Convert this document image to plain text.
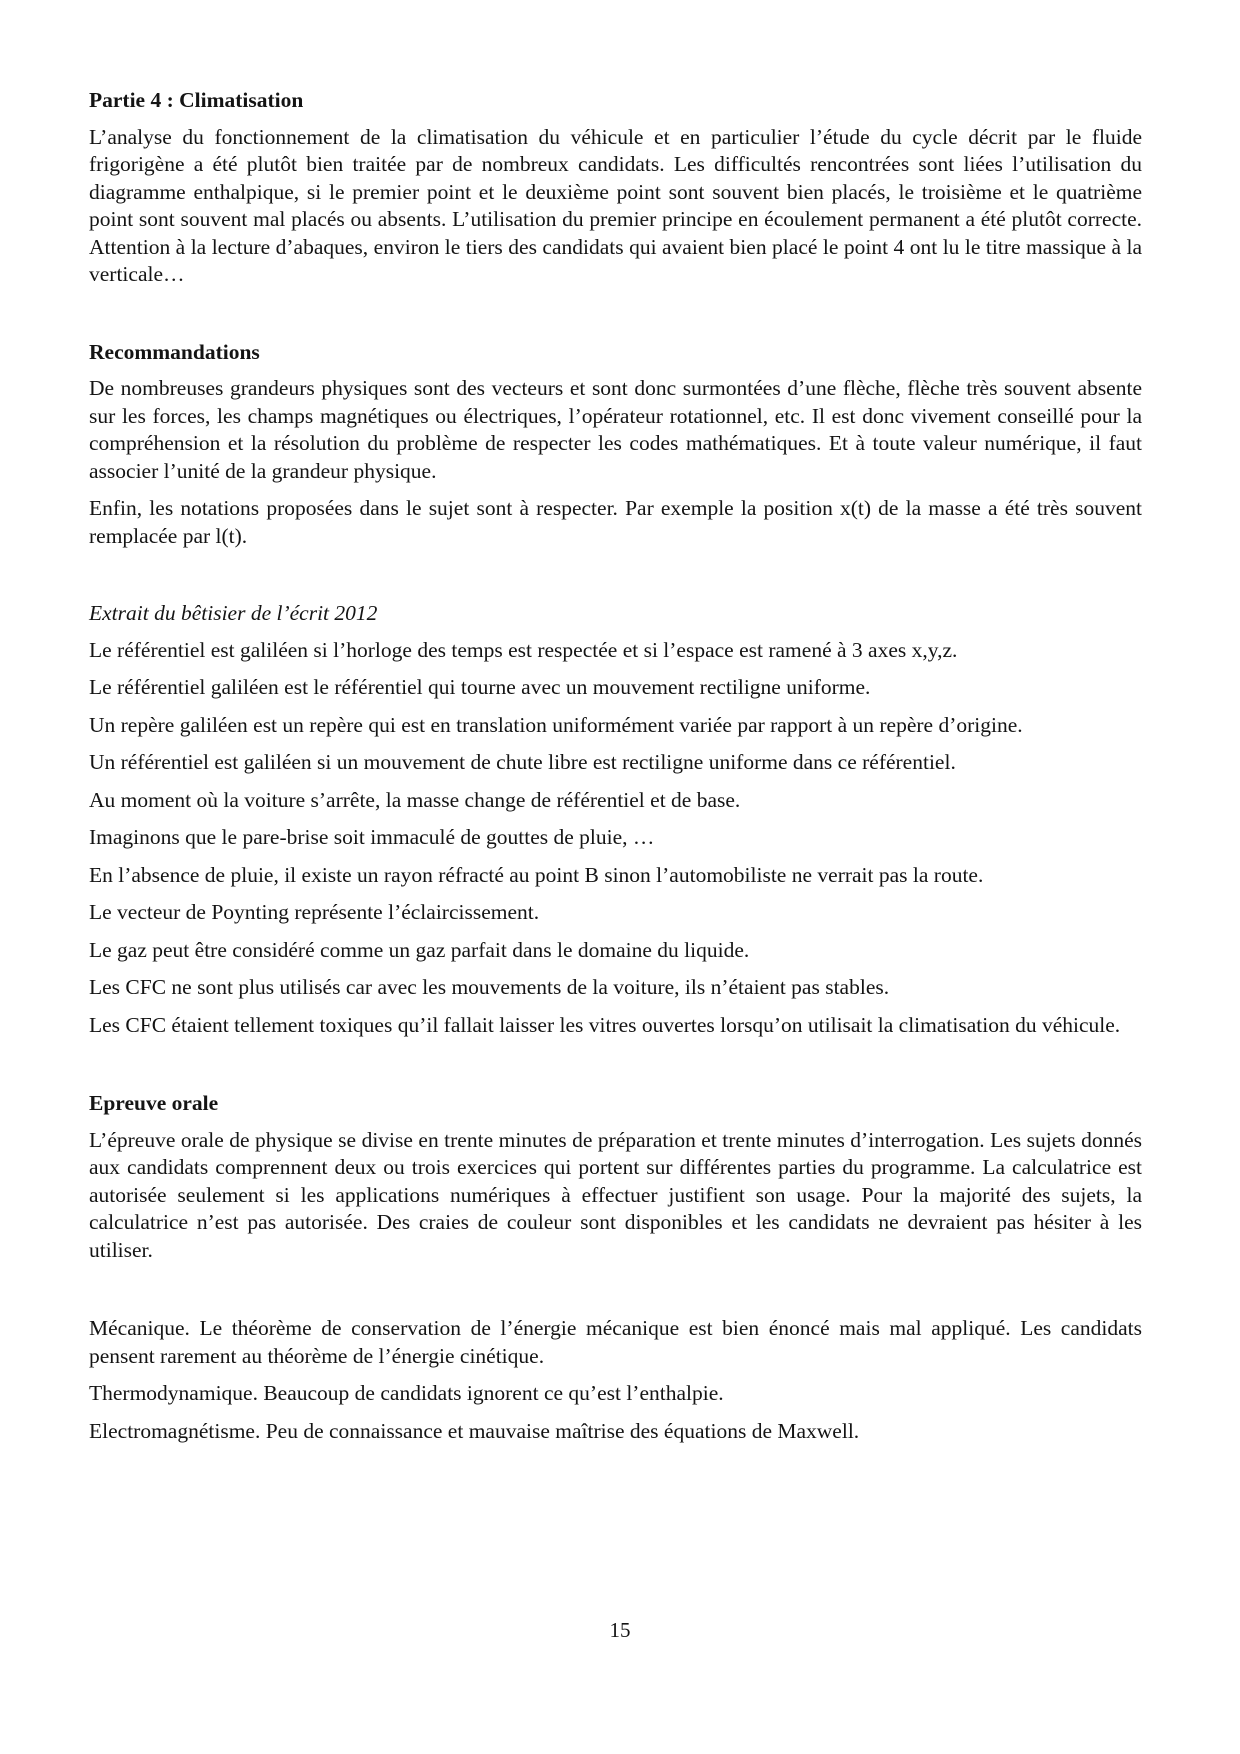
Partie 4 : Climatisation

L’analyse du fonctionnement de la climatisation du véhicule et en particulier l’étude du cycle décrit par le fluide frigorigène a été plutôt bien traitée par de nombreux candidats. Les difficultés rencontrées sont liées l’utilisation du diagramme enthalpique, si le premier point et le deuxième point sont souvent bien placés, le troisième et le quatrième point sont souvent mal placés ou absents. L’utilisation du premier principe en écoulement permanent a été plutôt correcte. Attention à la lecture d’abaques, environ le tiers des candidats qui avaient bien placé le point 4 ont lu le titre massique à la verticale…

Recommandations

De nombreuses grandeurs physiques sont des vecteurs et sont donc surmontées d’une flèche, flèche très souvent absente sur les forces, les champs magnétiques ou électriques, l’opérateur rotationnel, etc. Il est donc vivement conseillé pour la compréhension et la résolution du problème de respecter les codes mathématiques. Et à toute valeur numérique, il faut associer l’unité de la grandeur physique.

Enfin, les notations proposées dans le sujet sont à respecter. Par exemple la position x(t) de la masse a été très souvent remplacée par l(t).

Extrait du bêtisier de l’écrit 2012

Le référentiel est galiléen si l’horloge des temps est respectée et si l’espace est ramené à 3 axes x,y,z.

Le référentiel galiléen est le référentiel qui tourne avec un mouvement rectiligne uniforme.

Un repère galiléen est un repère qui est en translation uniformément variée par rapport à un repère d’origine.

Un référentiel est galiléen si un mouvement de chute libre est rectiligne uniforme dans ce référentiel.

Au moment où la voiture s’arrête, la masse change de référentiel et de base.

Imaginons que le pare-brise soit immaculé de gouttes de pluie, …

En l’absence de pluie, il existe un rayon réfracté au point B sinon l’automobiliste ne verrait pas la route.

Le vecteur de Poynting représente l’éclaircissement.

Le gaz peut être considéré comme un gaz parfait dans le domaine du liquide.

Les CFC ne sont plus utilisés car avec les mouvements de la voiture, ils n’étaient pas stables.

Les CFC étaient tellement toxiques qu’il fallait laisser les vitres ouvertes lorsqu’on utilisait la climatisation du véhicule.

Epreuve orale

L’épreuve orale de physique se divise en trente minutes de préparation et trente minutes d’interrogation. Les sujets donnés aux candidats comprennent deux ou trois exercices qui portent sur différentes parties du programme. La calculatrice est autorisée seulement si les applications numériques à effectuer justifient son usage. Pour la majorité des sujets, la calculatrice n’est pas autorisée. Des craies de couleur sont disponibles et les candidats ne devraient pas hésiter à les utiliser.

Mécanique. Le théorème de conservation de l’énergie mécanique est bien énoncé mais mal appliqué. Les candidats pensent rarement au théorème de l’énergie cinétique.

Thermodynamique. Beaucoup de candidats ignorent ce qu’est l’enthalpie.

Electromagnétisme. Peu de connaissance et mauvaise maîtrise des équations de Maxwell.

15
